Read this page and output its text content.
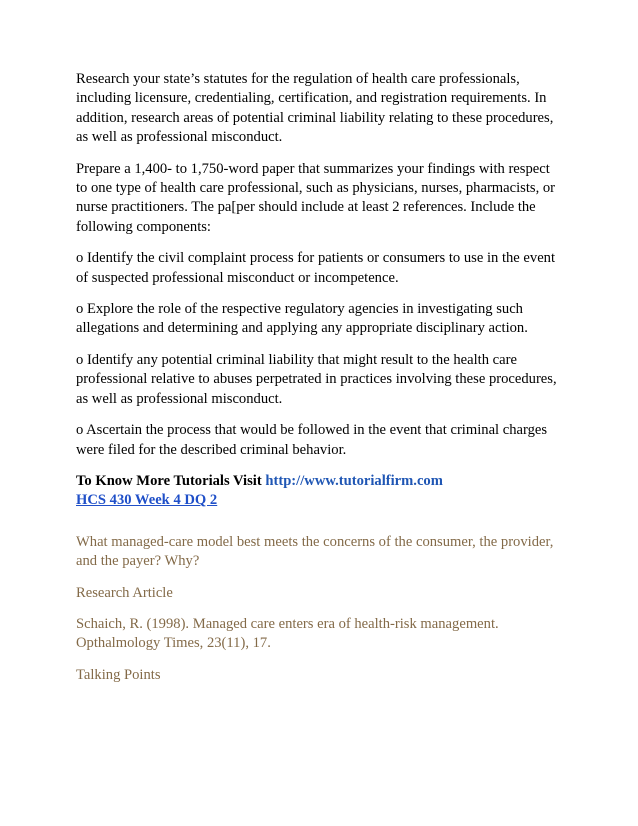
Research your state’s statutes for the regulation of health care professionals,
including licensure, credentialing, certification, and registration requirements. In
addition, research areas of potential criminal liability relating to these procedures,
as well as professional misconduct.

Prepare a 1,400- to 1,750-word paper that summarizes your findings with respect
to one type of health care professional, such as physicians, nurses, pharmacists, or
nurse practitioners. The pa[per should include at least 2 references. Include the
following components:

o Identify the civil complaint process for patients or consumers to use in the event
of suspected professional misconduct or incompetence.

o Explore the role of the respective regulatory agencies in investigating such
allegations and determining and applying any appropriate disciplinary action.

o Identify any potential criminal liability that might result to the health care
professional relative to abuses perpetrated in practices involving these procedures,
as well as professional misconduct.

o Ascertain the process that would be followed in the event that criminal charges
were filed for the described criminal behavior.

To Know More Tutorials Visit http://www.tutorialfirm.com

HCS 430 Week 4 DQ 2

What managed-care model best meets the concerns of the consumer, the provider,
and the payer? Why?

Research Article

Schaich, R. (1998). Managed care enters era of health-risk management.
Opthalmology Times, 23(11), 17.

Talking Points
